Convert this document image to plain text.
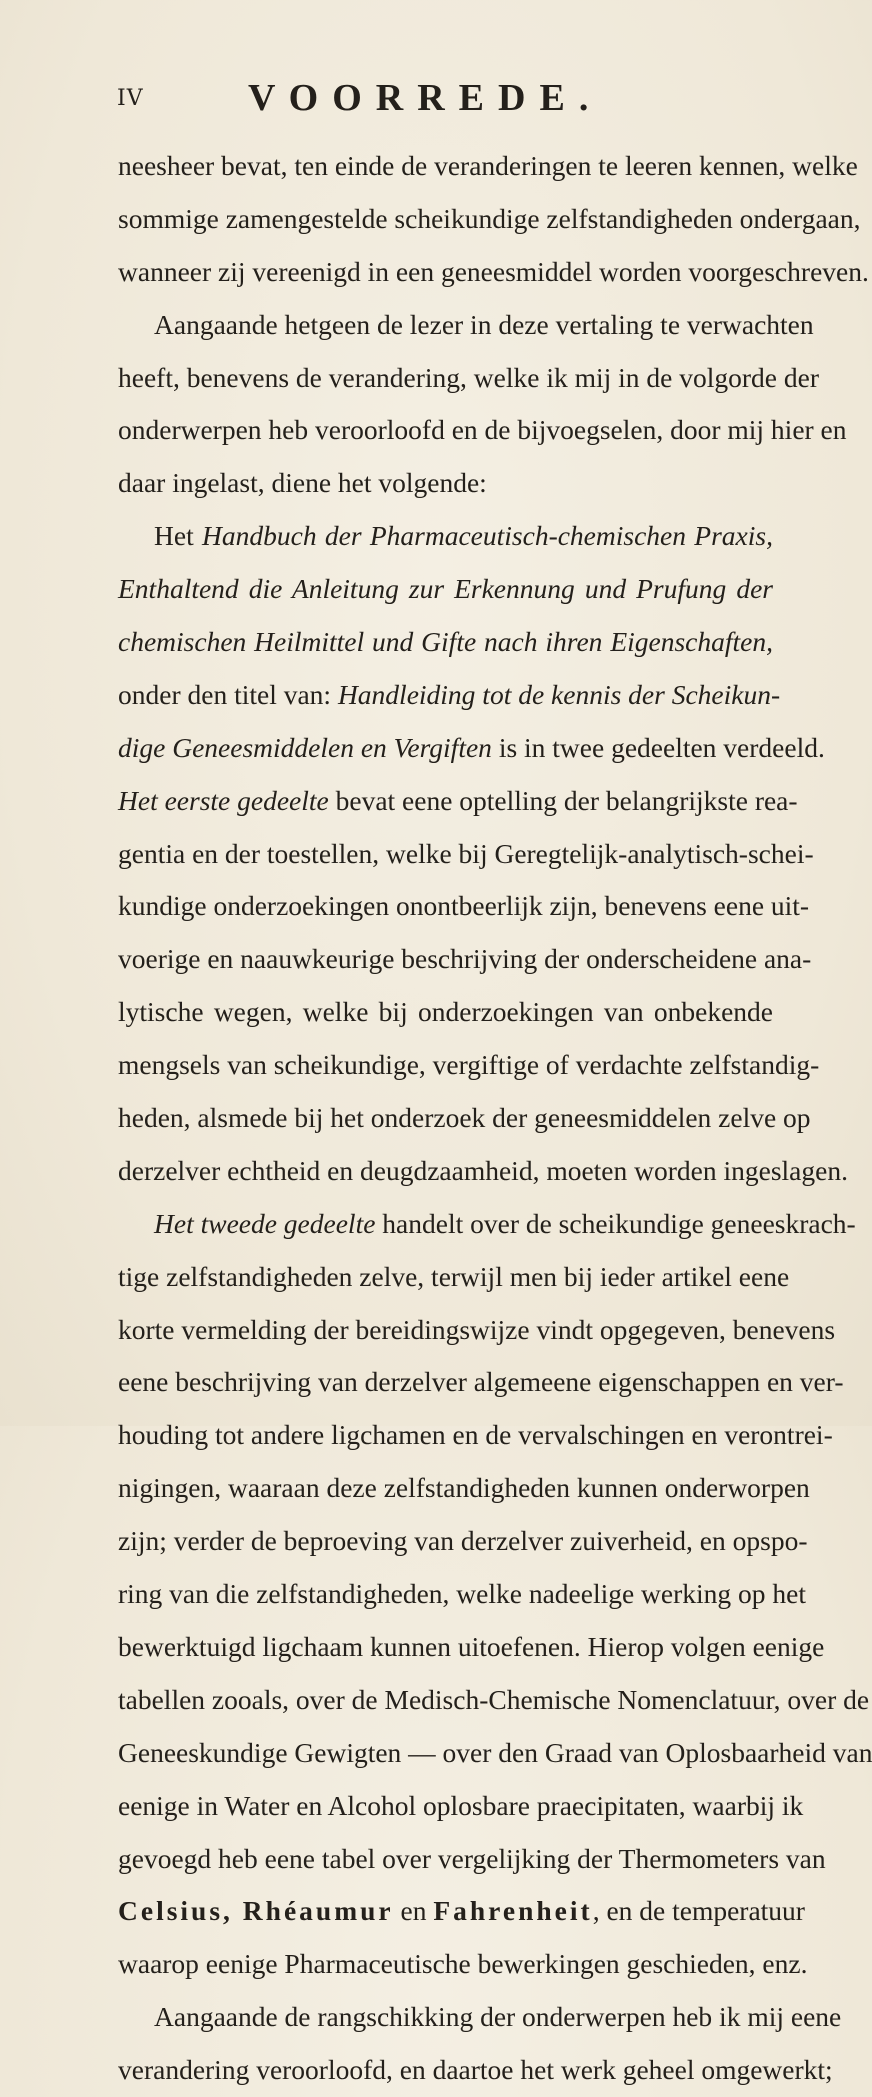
IV	VOORREDE.
neesheer bevat, ten einde de veranderingen te leeren kennen, welke
sommige zamengestelde scheikundige zelfstandigheden ondergaan,
wanneer zij vereenigd in een geneesmiddel worden voorgeschreven.
Aangaande hetgeen de lezer in deze vertaling te verwachten
heeft, benevens de verandering, welke ik mij in de volgorde der
onderwerpen heb veroorloofd en de bijvoegselen, door mij hier en
daar ingelast, diene het volgende:
Het Handbuch der Pharmaceutisch-chemischen Praxis,
Enthaltend die Anleitung zur Erkennung und Prufung der
chemischen Heilmittel und Gifte nach ihren Eigenschaften,
onder den titel van: Handleiding tot de kennis der Scheikun-
dige Geneesmiddelen en Vergiften is in twee gedeelten verdeeld.
Het eerste gedeelte bevat eene optelling der belangrijkste rea-
gentia en der toestellen, welke bij Geregtelijk-analytisch-schei-
kundige onderzoekingen onontbeerlijk zijn, benevens eene uit-
voerige en naauwkeurige beschrijving der onderscheidene ana-
lytische wegen, welke bij onderzoekingen van onbekende
mengsels van scheikundige, vergiftige of verdachte zelfstandig-
heden, alsmede bij het onderzoek der geneesmiddelen zelve op
derzelver echtheid en deugdzaamheid, moeten worden ingeslagen.
Het tweede gedeelte handelt over de scheikundige geneeskrach-
tige zelfstandigheden zelve, terwijl men bij ieder artikel eene
korte vermelding der bereidingswijze vindt opgegeven, benevens
eene beschrijving van derzelver algemeene eigenschappen en ver-
houding tot andere ligchamen en de vervalschingen en verontrei-
nigingen, waaraan deze zelfstandigheden kunnen onderworpen
zijn; verder de beproeving van derzelver zuiverheid, en opspo-
ring van die zelfstandigheden, welke nadeelige werking op het
bewerktuigd ligchaam kunnen uitoefenen. Hierop volgen eenige
tabellen zooals, over de Medisch-Chemische Nomenclatuur, over de
Geneeskundige Gewigten — over den Graad van Oplosbaarheid van
eenige in Water en Alcohol oplosbare praecipitaten, waarbij ik
gevoegd heb eene tabel over vergelijking der Thermometers van
Celsius, Rhéaumur en Fahrenheit, en de temperatuur
waarop eenige Pharmaceutische bewerkingen geschieden, enz.
Aangaande de rangschikking der onderwerpen heb ik mij eene
verandering veroorloofd, en daartoe het werk geheel omgewerkt;
